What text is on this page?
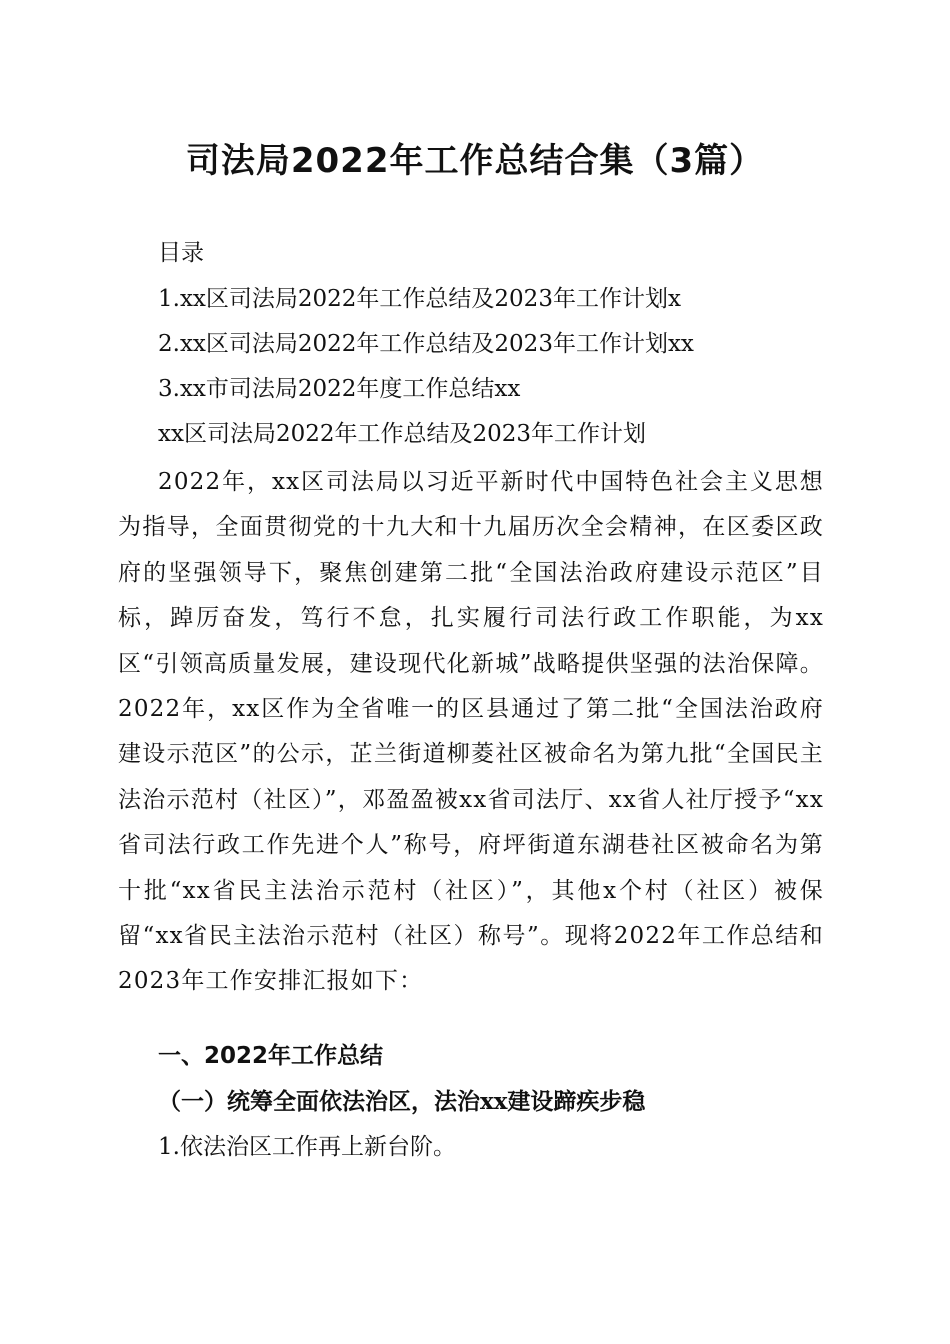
司法局2022年工作总结合集（3篇）
目录
1.xx区司法局2022年工作总结及2023年工作计划x
2.xx区司法局2022年工作总结及2023年工作计划xx
3.xx市司法局2022年度工作总结xx
xx区司法局2022年工作总结及2023年工作计划
2022年，xx区司法局以习近平新时代中国特色社会主义思想为指导，全面贯彻党的十九大和十九届历次全会精神，在区委区政府的坚强领导下，聚焦创建第二批“全国法治政府建设示范区”目标，踔厉奋发，笃行不怠，扎实履行司法行政工作职能，为xx区“引领高质量发展，建设现代化新城”战略提供坚强的法治保障。2022年，xx区作为全省唯一的区县通过了第二批“全国法治政府建设示范区”的公示，芷兰街道柳菱社区被命名为第九批“全国民主法治示范村（社区）”，邓盈盈被xx省司法厅、xx省人社厅授予“xx省司法行政工作先进个人”称号，府坪街道东湖巷社区被命名为第十批“xx省民主法治示范村（社区）”，其他x个村（社区）被保留“xx省民主法治示范村（社区）称号”。现将2022年工作总结和2023年工作安排汇报如下：
一、2022年工作总结
（一）统筹全面依法治区，法治xx建设蹄疾步稳
1.依法治区工作再上新台阶。
